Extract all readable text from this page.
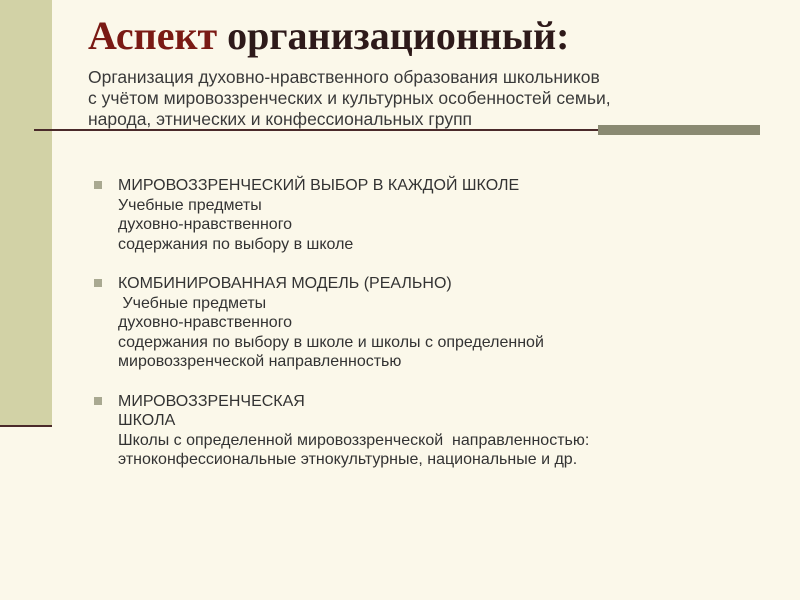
Аспект организационный:
Организация духовно-нравственного образования школьников
с учётом мировоззренческих и культурных особенностей семьи,
народа, этнических и конфессиональных групп
МИРОВОЗЗРЕНЧЕСКИЙ ВЫБОР В КАЖДОЙ ШКОЛЕ
Учебные предметы
духовно-нравственного
содержания по выбору в школе
КОМБИНИРОВАННАЯ МОДЕЛЬ (РЕАЛЬНО)
Учебные предметы
духовно-нравственного
содержания по выбору в школе и школы с определенной
мировоззренческой направленностью
МИРОВОЗЗРЕНЧЕСКАЯ
ШКОЛА
Школы с определенной мировоззренческой  направленностью:
этноконфессиональные этнокультурные, национальные и др.
